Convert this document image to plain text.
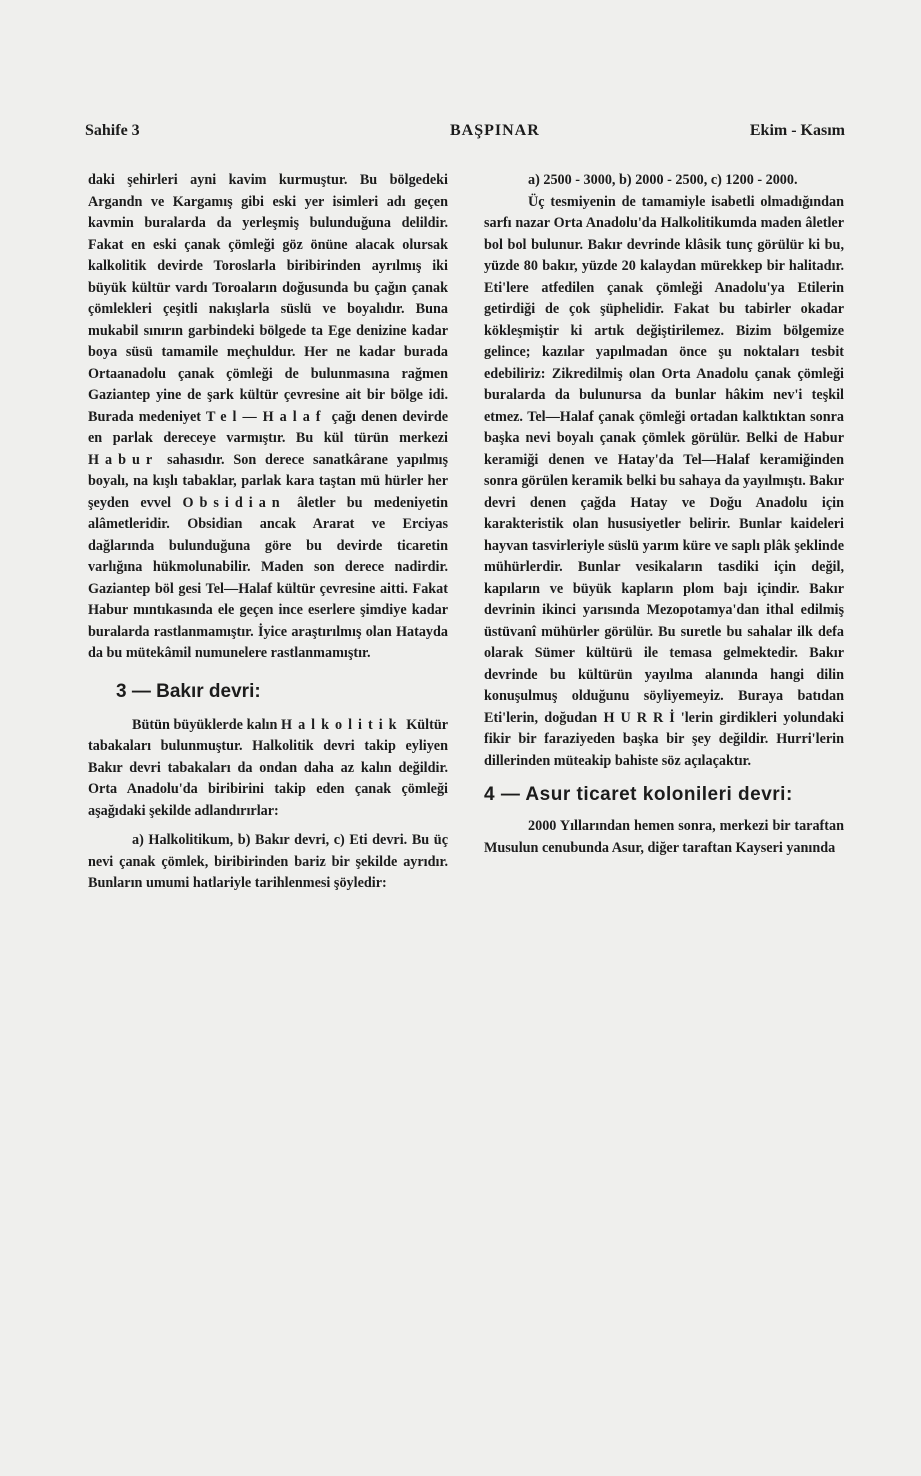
Sahife 3	BAŞPINAR	Ekim - Kasım

daki şehirleri ayni kavim kurmuştur. Bu bölgedeki Argandn ve Kargamış gibi eski yer isimleri adı geçen kavmin buralarda da yerleşmiş bulunduğuna delildir. Fakat en eski çanak çömleği göz önüne alacak olursak kalkolitik devirde Toroslarla biribirinden ayrılmış iki büyük kültür vardı Toroaların doğusunda bu çağın çanak çömlekleri çeşitli nakışlarla süslü ve boyalıdır. Buna mukabil sınırın garbindeki bölgede ta Ege denizine kadar boya süsü tamamile meçhuldur. Her ne kadar burada Ortaanadolu çanak çömleği de bulunmasına rağmen Gaziantep yine de şark kültür çevresine ait bir bölge idi. Burada medeniyet Tel—Halaf çağı denen devirde en parlak dereceye varmıştır. Bu kül türün merkezi Habur sahasıdır. Son derece sanatkârane yapılmış boyalı, na kışlı tabaklar, parlak kara taştan mü hürler her şeyden evvel Obsidian âletler bu medeniyetin alâmetleridir. Obsidian ancak Ararat ve Erciyas dağlarında bulunduğuna göre bu devirde ticaretin varlığına hükmolunabilir. Maden son derece nadirdir. Gaziantep böl gesi Tel—Halaf kültür çevresine aitti. Fakat Habur mıntıkasında ele geçen ince eserlere şimdiye kadar buralarda rastlanmamıştır. İyice araştırılmış olan Hatayda da bu mütekâmil numunelere rastlanmamıştır.

3 — Bakır devri:

Bütün büyüklerde kalın Halkolitik Kültür tabakaları bulunmuştur. Halkolitik devri takip eyliyen Bakır devri tabakaları da ondan daha az kalın değildir. Orta Anadolu'da biribirini takip eden çanak çömleği aşağıdaki şekilde adlandırırlar:

a) Halkolitikum, b) Bakır devri, c) Eti devri. Bu üç nevi çanak çömlek, biribirinden bariz bir şekilde ayrıdır. Bunların umumi hatlariyle tarihlenmesi şöyledir:

a) 2500 - 3000, b) 2000 - 2500, c) 1200 - 2000.

Üç tesmiyenin de tamamiyle isabetli olmadığından sarfı nazar Orta Anadolu'da Halkolitikumda maden âletler bol bol bulunur. Bakır devrinde klâsik tunç görülür ki bu, yüzde 80 bakır, yüzde 20 kalaydan mürekkep bir halitadır. Eti'lere atfedilen çanak çömleği Anadolu'ya Etilerin getirdiği de çok şüphelidir. Fakat bu tabirler okadar kökleşmiştir ki artık değiştirilemez. Bizim bölgemize gelince; kazılar yapılmadan önce şu noktaları tesbit edebiliriz: Zikredilmiş olan Orta Anadolu çanak çömleği buralarda da bulunursa da bunlar hâkim nev'i teşkil etmez. Tel—Halaf çanak çömleği ortadan kalktıktan sonra başka nevi boyalı çanak çömlek görülür. Belki de Habur keramiği denen ve Hatay'da Tel—Halaf keramiğinden sonra görülen keramik belki bu sahaya da yayılmıştı. Bakır devri denen çağda Hatay ve Doğu Anadolu için karakteristik olan hususiyetler belirir. Bunlar kaideleri hayvan tasvirleriyle süslü yarım küre ve saplı plâk şeklinde mühürlerdir. Bunlar vesikaların tasdiki için değil, kapıların ve büyük kapların plom bajı içindir. Bakır devrinin ikinci yarısında Mezopotamya'dan ithal edilmiş üstüvanî mühürler görülür. Bu suretle bu sahalar ilk defa olarak Sümer kültürü ile temasa gelmektedir. Bakır devrinde bu kültürün yayılma alanında hangi dilin konuşulmuş olduğunu söyliyemeyiz. Buraya batıdan Eti'lerin, doğudan HURRİ'lerin girdikleri yolundaki fikir bir faraziyeden başka bir şey değildir. Hurri'lerin dillerinden müteakip bahiste söz açılaçaktır.

4 — Asur ticaret kolonileri devri:

2000 Yıllarından hemen sonra, merkezi bir taraftan Musulun cenubunda Asur, diğer taraftan Kayseri yanında
